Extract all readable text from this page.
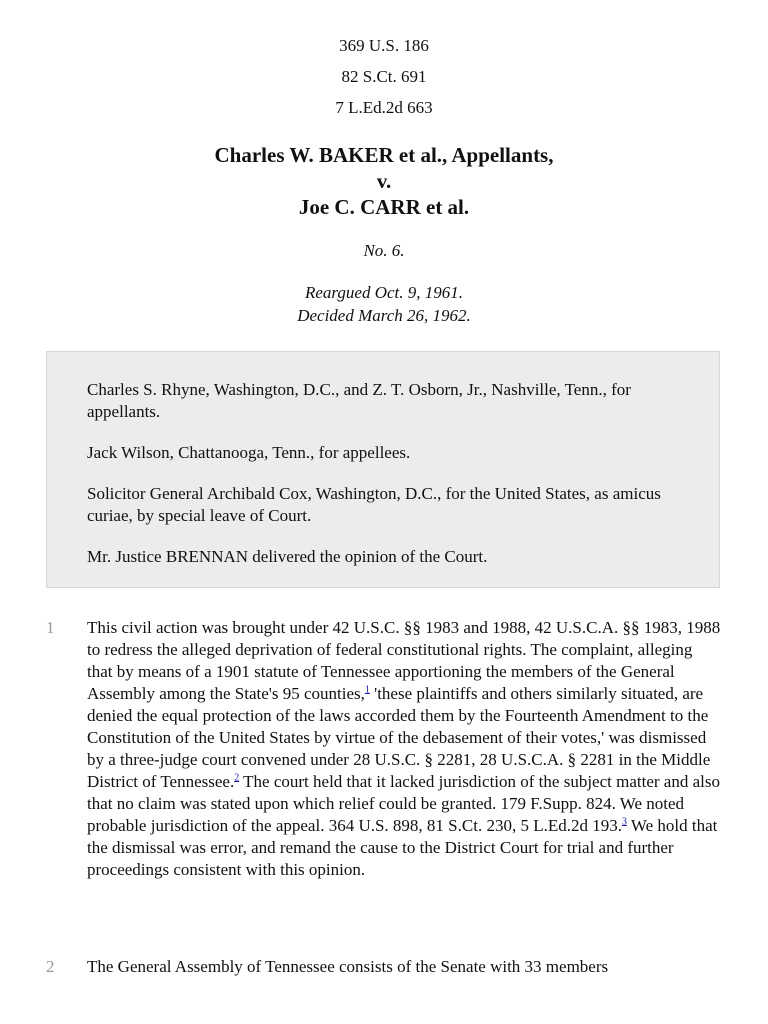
369 U.S. 186
82 S.Ct. 691
7 L.Ed.2d 663
Charles W. BAKER et al., Appellants,
v.
Joe C. CARR et al.
No. 6.
Reargued Oct. 9, 1961.
Decided March 26, 1962.

Charles S. Rhyne, Washington, D.C., and Z. T. Osborn, Jr., Nashville, Tenn., for appellants.

Jack Wilson, Chattanooga, Tenn., for appellees.

Solicitor General Archibald Cox, Washington, D.C., for the United States, as amicus curiae, by special leave of Court.

Mr. Justice BRENNAN delivered the opinion of the Court.

1	This civil action was brought under 42 U.S.C. §§ 1983 and 1988, 42 U.S.C.A. §§ 1983, 1988 to redress the alleged deprivation of federal constitutional rights. The complaint, alleging that by means of a 1901 statute of Tennessee apportioning the members of the General Assembly among the State's 95 counties,$^1$ 'these plaintiffs and others similarly situated, are denied the equal protection of the laws accorded them by the Fourteenth Amendment to the Constitution of the United States by virtue of the debasement of their votes,' was dismissed by a three-judge court convened under 28 U.S.C. § 2281, 28 U.S.C.A. § 2281 in the Middle District of Tennessee.$^2$ The court held that it lacked jurisdiction of the subject matter and also that no claim was stated upon which relief could be granted. 179 F.Supp. 824. We noted probable jurisdiction of the appeal. 364 U.S. 898, 81 S.Ct. 230, 5 L.Ed.2d 193.$^3$ We hold that the dismissal was error, and remand the cause to the District Court for trial and further proceedings consistent with this opinion.
2	The General Assembly of Tennessee consists of the Senate with 33 members
